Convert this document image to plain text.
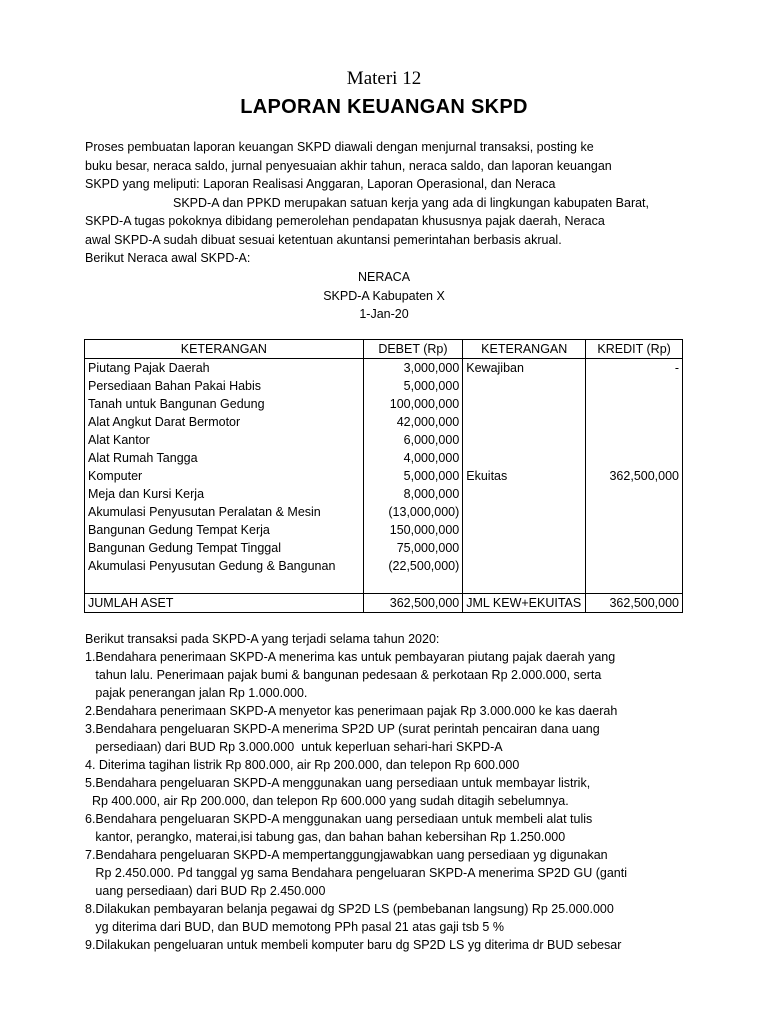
Materi 12
LAPORAN KEUANGAN SKPD
Proses pembuatan laporan keuangan SKPD diawali dengan menjurnal transaksi, posting ke
buku besar, neraca saldo, jurnal penyesuaian akhir tahun, neraca saldo, dan laporan keuangan
SKPD yang meliputi: Laporan Realisasi Anggaran, Laporan Operasional, dan Neraca
SKPD-A dan PPKD merupakan satuan kerja yang ada di lingkungan kabupaten Barat,
SKPD-A tugas pokoknya dibidang pemerolehan pendapatan khususnya pajak daerah, Neraca
awal SKPD-A sudah dibuat sesuai ketentuan akuntansi pemerintahan berbasis akrual.
Berikut Neraca awal SKPD-A:
NERACA
SKPD-A Kabupaten X
1-Jan-20
KETERANGAN	DEBET (Rp)	KETERANGAN	KREDIT (Rp)
Piutang Pajak Daerah	3,000,000	Kewajiban	-
Persediaan Bahan Pakai Habis	5,000,000		
Tanah untuk Bangunan Gedung	100,000,000		
Alat Angkut Darat Bermotor	42,000,000		
Alat Kantor	6,000,000		
Alat Rumah Tangga	4,000,000		
Komputer	5,000,000	Ekuitas	362,500,000
Meja dan Kursi Kerja	8,000,000		
Akumulasi Penyusutan Peralatan & Mesin	(13,000,000)		
Bangunan Gedung Tempat Kerja	150,000,000		
Bangunan Gedung Tempat Tinggal	75,000,000		
Akumulasi Penyusutan Gedung & Bangunan	(22,500,000)		

JUMLAH ASET	362,500,000	JML KEW+EKUITAS	362,500,000
Berikut transaksi pada SKPD-A yang terjadi selama tahun 2020:
1.Bendahara penerimaan SKPD-A menerima kas untuk pembayaran piutang pajak daerah yang
tahun lalu. Penerimaan pajak bumi & bangunan pedesaan & perkotaan Rp 2.000.000, serta
pajak penerangan jalan Rp 1.000.000.
2.Bendahara penerimaan SKPD-A menyetor kas penerimaan pajak Rp 3.000.000 ke kas daerah
3.Bendahara pengeluaran SKPD-A menerima SP2D UP (surat perintah pencairan dana uang
persediaan) dari BUD Rp 3.000.000  untuk keperluan sehari-hari SKPD-A
4. Diterima tagihan listrik Rp 800.000, air Rp 200.000, dan telepon Rp 600.000
5.Bendahara pengeluaran SKPD-A menggunakan uang persediaan untuk membayar listrik,
Rp 400.000, air Rp 200.000, dan telepon Rp 600.000 yang sudah ditagih sebelumnya.
6.Bendahara pengeluaran SKPD-A menggunakan uang persediaan untuk membeli alat tulis
kantor, perangko, materai,isi tabung gas, dan bahan bahan kebersihan Rp 1.250.000
7.Bendahara pengeluaran SKPD-A mempertanggungjawabkan uang persediaan yg digunakan
Rp 2.450.000. Pd tanggal yg sama Bendahara pengeluaran SKPD-A menerima SP2D GU (ganti
uang persediaan) dari BUD Rp 2.450.000
8.Dilakukan pembayaran belanja pegawai dg SP2D LS (pembebanan langsung) Rp 25.000.000
yg diterima dari BUD, dan BUD memotong PPh pasal 21 atas gaji tsb 5 %
9.Dilakukan pengeluaran untuk membeli komputer baru dg SP2D LS yg diterima dr BUD sebesar
